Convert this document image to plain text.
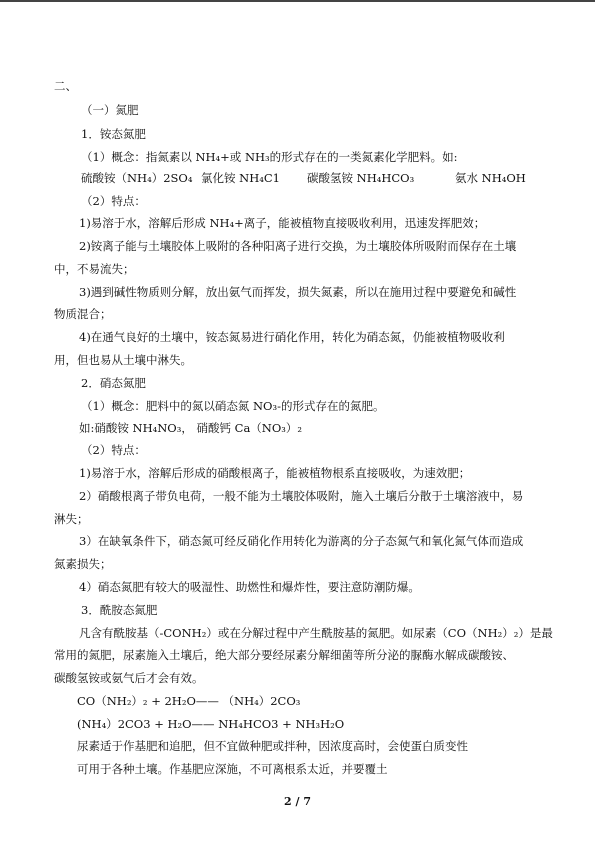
二、
（一）氮肥
1．铵态氮肥
（1）概念：指氮素以 NH₄+或 NH₃的形式存在的一类氮素化学肥料。如:
硫酸铵（NH₄）2SO₄ 氯化铵 NH₄C1	碳酸氢铵 NH₄HCO₃	氨水 NH₄OH
（2）特点：
1)易溶于水，溶解后形成 NH₄+离子，能被植物直接吸收利用，迅速发挥肥效；
2)铵离子能与土壤胶体上吸附的各种阳离子进行交换，为土壤胶体所吸附而保存在土壤
中，不易流失；
3)遇到碱性物质则分解，放出氨气而挥发，损失氮素，所以在施用过程中要避免和碱性
物质混合；
4)在通气良好的土壤中，铵态氮易进行硝化作用，转化为硝态氮，仍能被植物吸收利
用，但也易从土壤中淋失。
2．硝态氮肥
（1）概念：肥料中的氮以硝态氮 NO₃-的形式存在的氮肥。
如:硝酸铵 NH₄NO₃， 硝酸钙 Ca（NO₃）₂
（2）特点：
1)易溶于水，溶解后形成的硝酸根离子，能被植物根系直接吸收，为速效肥；
2）硝酸根离子带负电荷，一般不能为土壤胶体吸附，施入土壤后分散于土壤溶液中，易
淋失；
3）在缺氧条件下，硝态氮可经反硝化作用转化为游离的分子态氮气和氧化氮气体而造成
氮素损失；
4）硝态氮肥有较大的吸湿性、助燃性和爆炸性，要注意防潮防爆。
3．酰胺态氮肥
凡含有酰胺基（-CONH₂）或在分解过程中产生酰胺基的氮肥。如尿素（CO（NH₂）₂）是最
常用的氮肥，尿素施入土壤后，绝大部分要经尿素分解细菌等所分泌的脲酶水解成碳酸铵、
碳酸氢铵或氨气后才会有效。
CO（NH₂）₂ + 2H₂O—— （NH₄）2CO₃
(NH₄）2CO3 + H₂O—— NH₄HCO3 + NH₃H₂O
尿素适于作基肥和追肥，但不宜做种肥或拌种，因浓度高时，会使蛋白质变性
可用于各种土壤。作基肥应深施，不可离根系太近，并要覆土
2 / 7
